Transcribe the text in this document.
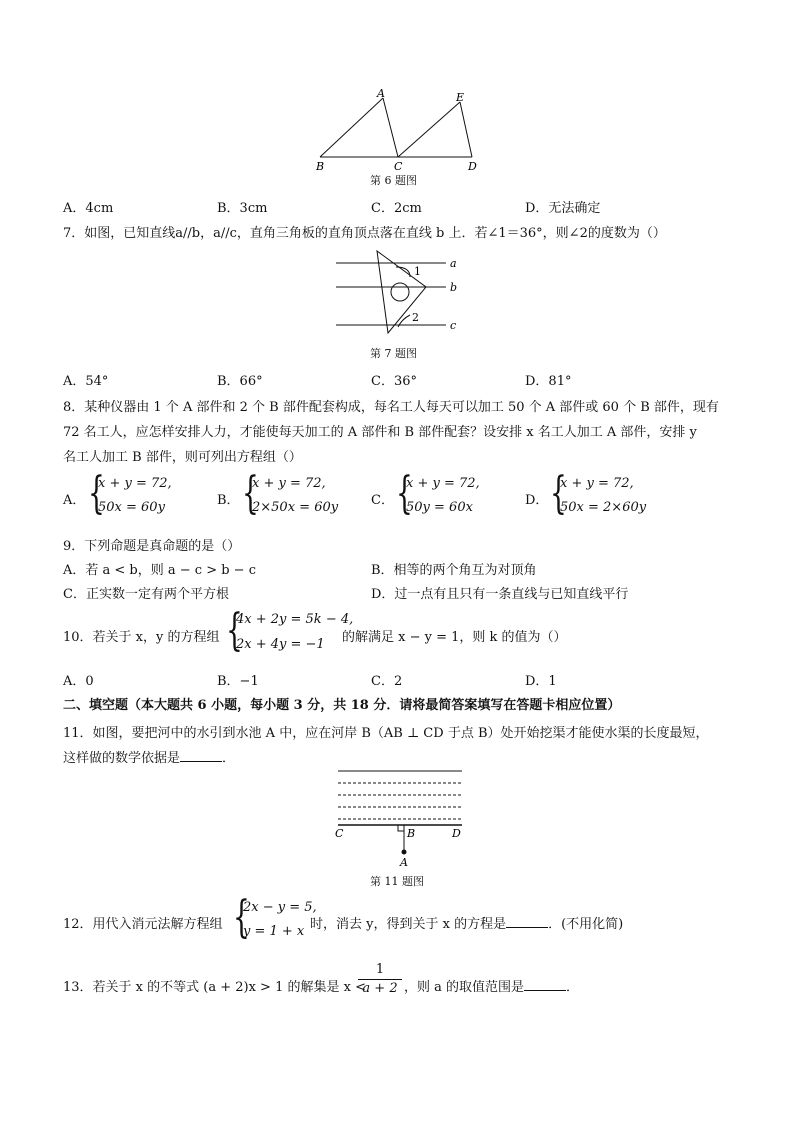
A	E
B	C	D
第 6 题图
A．4cm	B．3cm	C．2cm	D．无法确定
7．如图，已知直线a//b，a//c，直角三角板的直角顶点落在直线 b 上．若∠1＝36°，则∠2的度数为（）
a
b
c
1
2
第 7 题图
A．54°	B．66°	C．36°	D．81°
8．某种仪器由 1 个 A 部件和 2 个 B 部件配套构成，每名工人每天可以加工 50 个 A 部件或 60 个 B 部件，现有
72 名工人，应怎样安排人力，才能使每天加工的 A 部件和 B 部件配套？设安排 x 名工人加工 A 部件，安排 y
名工人加工 B 部件，则可列出方程组（）
A． {
x + y = 72,
50x = 60y	B． {
x + y = 72,
2×50x = 60y	C． {
x + y = 72,
50y = 60x	D． {
x + y = 72,
50x = 2×60y
9．下列命题是真命题的是（）
A．若 a < b，则 a − c > b − c	B．相等的两个角互为对顶角
C．正实数一定有两个平方根	D．过一点有且只有一条直线与已知直线平行
10．若关于 x，y 的方程组 {
4x + 2y = 5k − 4,
2x + 4y = −1 的解满足 x − y = 1，则 k 的值为（）
A．0	B．−1	C．2	D．1
二、填空题（本大题共 6 小题，每小题 3 分，共 18 分．请将最简答案填写在答题卡相应位置）
11．如图，要把河中的水引到水池 A 中，应在河岸 B（AB ⊥ CD 于点 B）处开始挖渠才能使水渠的长度最短，
这样做的数学依据是	．
C	B	D
A
第 11 题图
12．用代入消元法解方程组 {
2x − y = 5,
y = 1 + x 时，消去 y，得到关于 x 的方程是	．(不用化简)
13．若关于 x 的不等式 (a + 2)x > 1 的解集是 x <
1
a + 2 ，则 a 的取值范围是	．
